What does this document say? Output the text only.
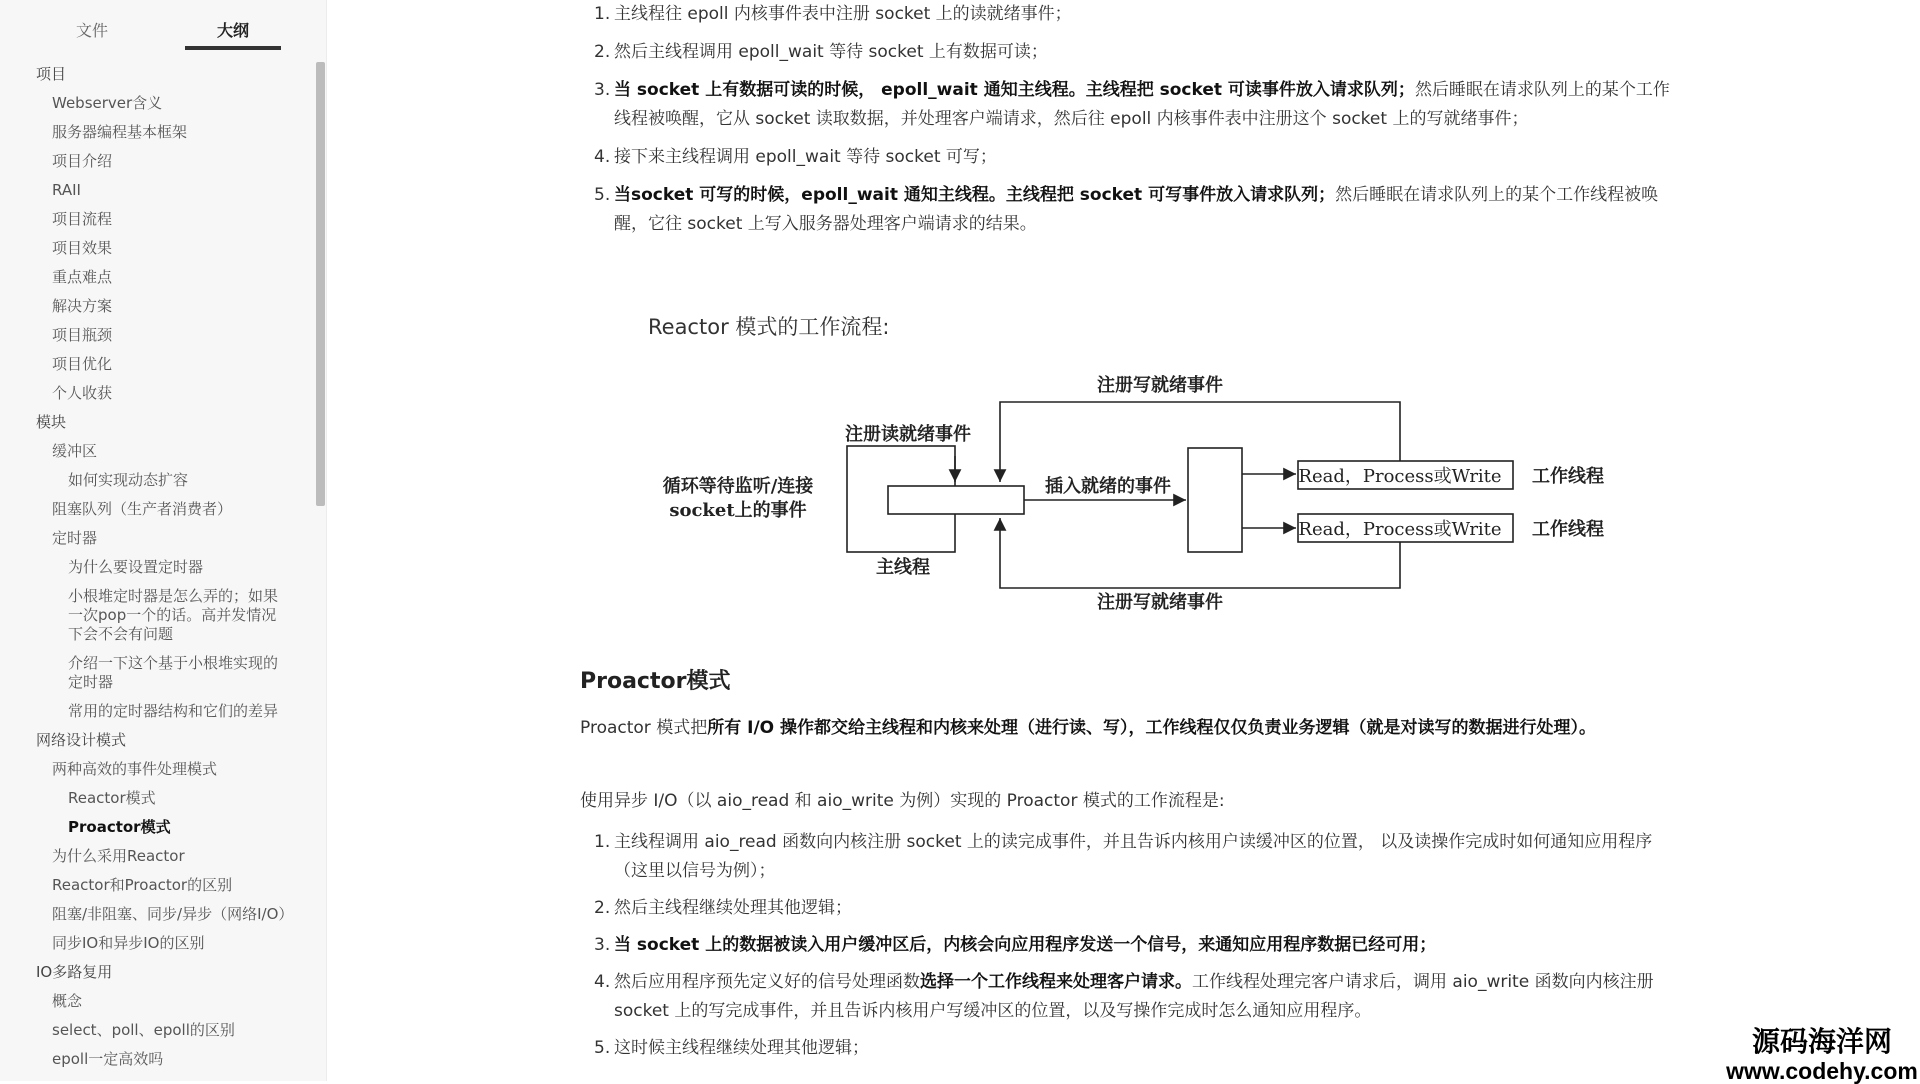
文件	大纲
项目
Webserver含义
服务器编程基本框架
项目介绍
RAII
项目流程
项目效果
重点难点
解决方案
项目瓶颈
项目优化
个人收获
模块
缓冲区
如何实现动态扩容
阻塞队列（生产者消费者）
定时器
为什么要设置定时器
小根堆定时器是怎么弄的；如果一次pop一个的话。高并发情况下会不会有问题
介绍一下这个基于小根堆实现的定时器
常用的定时器结构和它们的差异
网络设计模式
两种高效的事件处理模式
Reactor模式
Proactor模式
为什么采用Reactor
Reactor和Proactor的区别
阻塞/非阻塞、同步/异步（网络I/O）
同步IO和异步IO的区别
IO多路复用
概念
select、poll、epoll的区别
epoll一定高效吗
1. 主线程往 epoll 内核事件表中注册 socket 上的读就绪事件；
2. 然后主线程调用 epoll_wait 等待 socket 上有数据可读；
3. 当 socket 上有数据可读的时候， epoll_wait 通知主线程。主线程把 socket 可读事件放入请求队列；然后睡眠在请求队列上的某个工作线程被唤醒，它从 socket 读取数据，并处理客户端请求，然后往 epoll 内核事件表中注册这个 socket 上的写就绪事件；
4. 接下来主线程调用 epoll_wait 等待 socket 可写；
5. 当socket 可写的时候，epoll_wait 通知主线程。主线程把 socket 可写事件放入请求队列；然后睡眠在请求队列上的某个工作线程被唤醒，它往 socket 上写入服务器处理客户端请求的结果。
Reactor 模式的工作流程:
注册写就绪事件
注册写就绪事件
注册读就绪事件
循环等待监听/连接
socket上的事件
插入就绪的事件
主线程
Read，Process或Write
Read，Process或Write
工作线程
工作线程
Proactor模式
Proactor 模式把所有 I/O 操作都交给主线程和内核来处理（进行读、写），工作线程仅仅负责业务逻辑（就是对读写的数据进行处理）。
使用异步 I/O（以 aio_read 和 aio_write 为例）实现的 Proactor 模式的工作流程是:
1. 主线程调用 aio_read 函数向内核注册 socket 上的读完成事件，并且告诉内核用户读缓冲区的位置， 以及读操作完成时如何通知应用程序（这里以信号为例）；
2. 然后主线程继续处理其他逻辑；
3. 当 socket 上的数据被读入用户缓冲区后，内核会向应用程序发送一个信号，来通知应用程序数据已经可用；
4. 然后应用程序预先定义好的信号处理函数选择一个工作线程来处理客户请求。工作线程处理完客户请求后，调用 aio_write 函数向内核注册 socket 上的写完成事件，并且告诉内核用户写缓冲区的位置，以及写操作完成时怎么通知应用程序。
5. 这时候主线程继续处理其他逻辑；	源码海洋网
www.codehy.com
